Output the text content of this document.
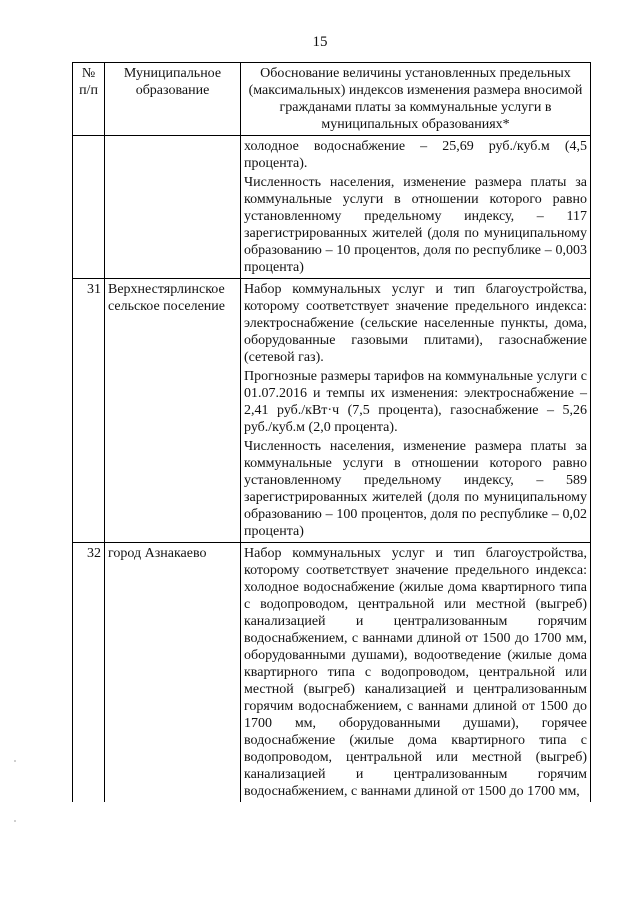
15
№ п/п	Муниципальное образование	Обоснование величины установленных предельных (максимальных) индексов изменения размера вносимой гражданами платы за коммунальные услуги в муниципальных образованиях*

		холодное водоснабжение – 25,69 руб./куб.м (4,5 процента).

Численность населения, изменение размера платы за коммунальные услуги в отношении которого равно установленному предельному индексу, – 117 зарегистрированных жителей (доля по муниципальному образованию – 10 процентов, доля по республике – 0,003 процента)

31	Верхнестярлинское сельское поселение	Набор коммунальных услуг и тип благоустройства, которому соответствует значение предельного индекса: электроснабжение (сельские населенные пункты, дома, оборудованные газовыми плитами), газоснабжение (сетевой газ).

Прогнозные размеры тарифов на коммунальные услуги с 01.07.2016 и темпы их изменения: электроснабжение – 2,41 руб./кВт·ч (7,5 процента), газоснабжение – 5,26 руб./куб.м (2,0 процента).

Численность населения, изменение размера платы за коммунальные услуги в отношении которого равно установленному предельному индексу, – 589 зарегистрированных жителей (доля по муниципальному образованию – 100 процентов, доля по республике – 0,02 процента)

32	город Азнакаево	Набор коммунальных услуг и тип благоустройства, которому соответствует значение предельного индекса: холодное водоснабжение (жилые дома квартирного типа с водопроводом, центральной или местной (выгреб) канализацией и централизованным горячим водоснабжением, с ваннами длиной от 1500 до 1700 мм, оборудованными душами), водоотведение (жилые дома квартирного типа с водопроводом, центральной или местной (выгреб) канализацией и централизованным горячим водоснабжением, с ваннами длиной от 1500 до 1700 мм, оборудованными душами), горячее водоснабжение (жилые дома квартирного типа с водопроводом, центральной или местной (выгреб) канализацией и централизованным горячим водоснабжением, с ваннами длиной от 1500 до 1700 мм,
